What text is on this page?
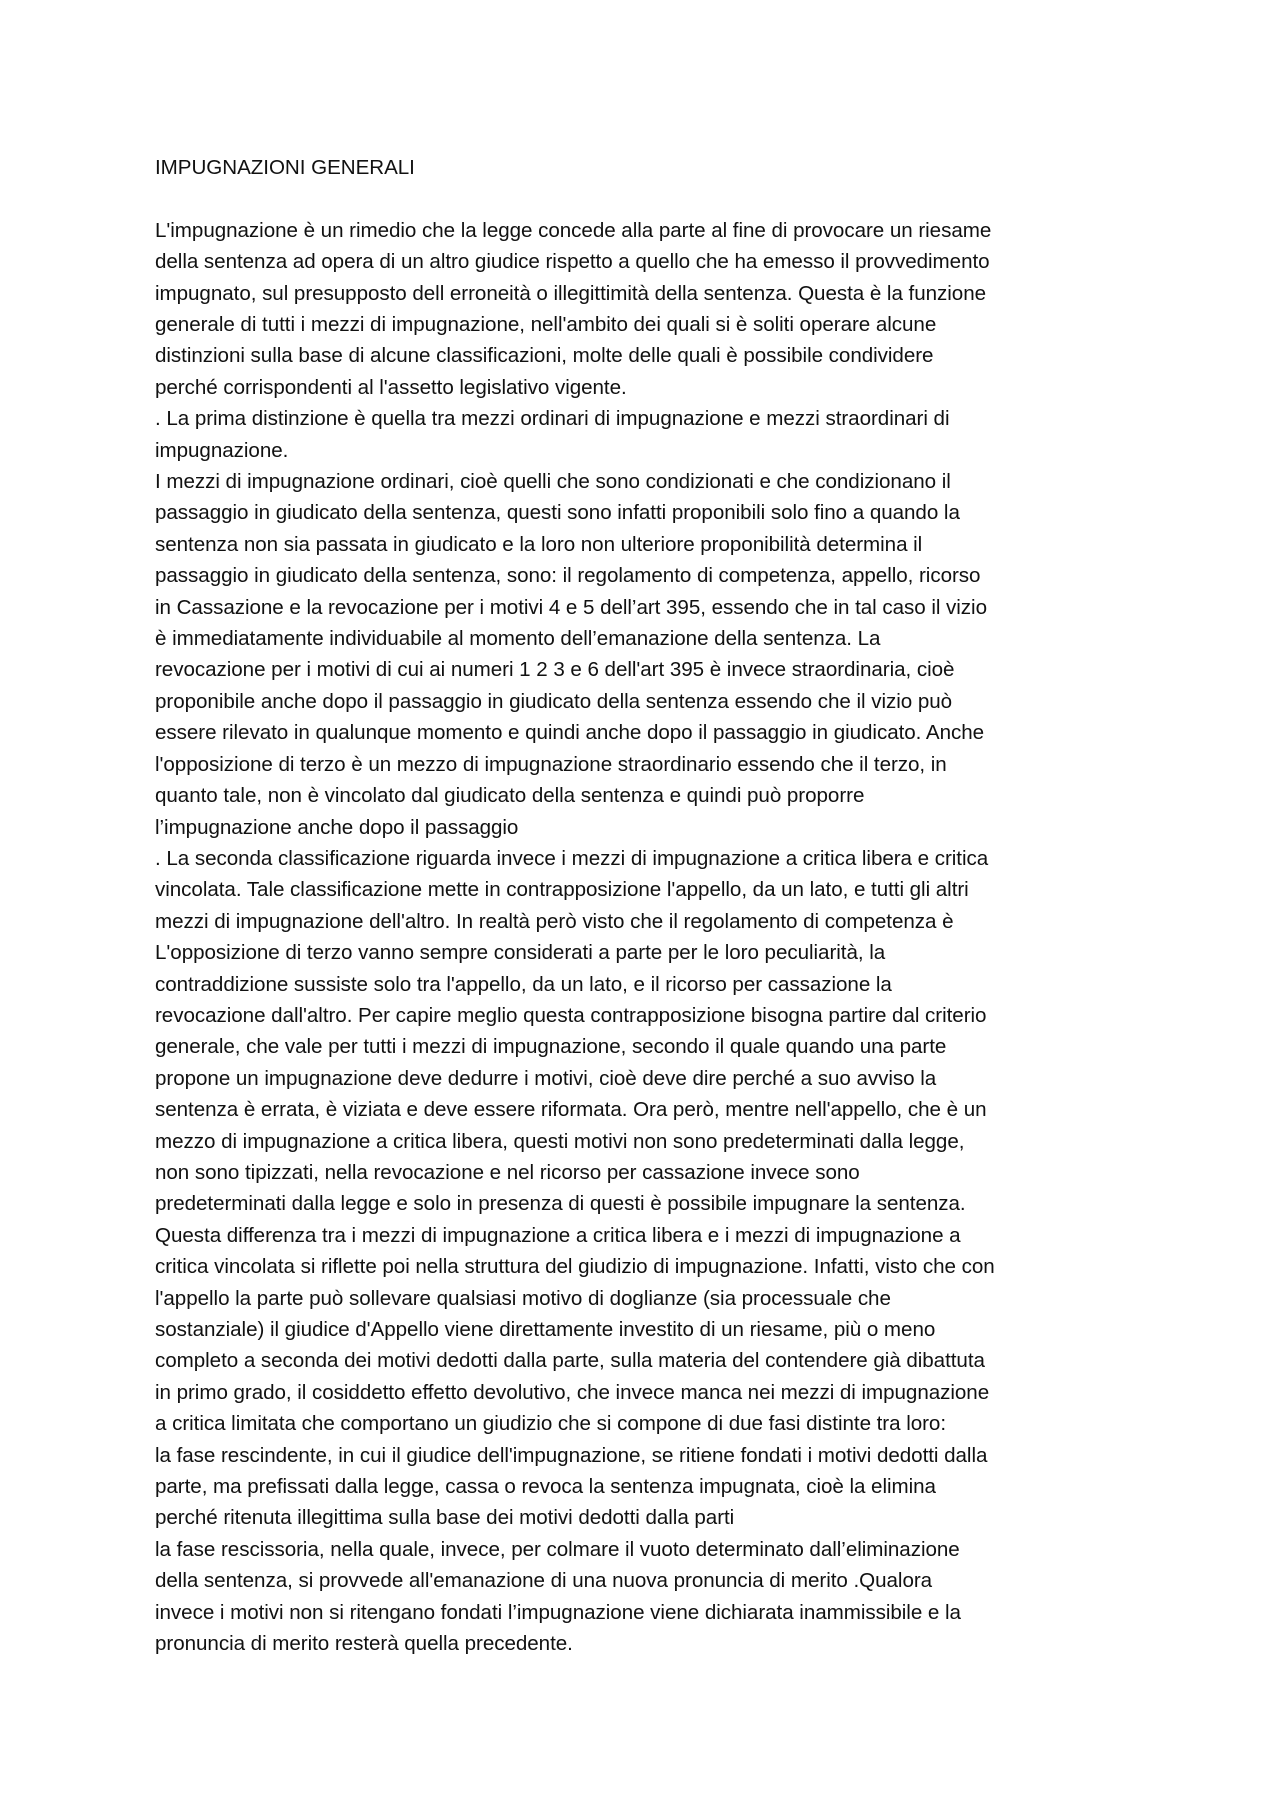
IMPUGNAZIONI GENERALI
L'impugnazione è un rimedio che la legge concede alla parte al fine di provocare un riesame
della sentenza ad opera di un altro giudice rispetto a quello che ha emesso il provvedimento
impugnato, sul presupposto dell erroneità o illegittimità della sentenza. Questa è la funzione
generale di tutti i mezzi di impugnazione, nell'ambito dei quali si è soliti operare alcune
distinzioni sulla base di alcune classificazioni, molte delle quali è possibile condividere
perché corrispondenti al l'assetto legislativo vigente.
. La prima distinzione è quella tra mezzi ordinari di impugnazione e mezzi straordinari di
impugnazione.
I mezzi di impugnazione ordinari, cioè quelli che sono condizionati e che condizionano il
passaggio in giudicato della sentenza, questi sono infatti proponibili solo fino a quando la
sentenza non sia passata in giudicato e la loro non ulteriore proponibilità determina il
passaggio in giudicato della sentenza, sono: il regolamento di competenza, appello, ricorso
in Cassazione e la revocazione per i motivi 4 e 5 dell’art 395, essendo che in tal caso il vizio
è immediatamente individuabile al momento dell’emanazione della sentenza. La
revocazione per i motivi di cui ai numeri 1 2 3 e 6 dell'art 395 è invece straordinaria, cioè
proponibile anche dopo il passaggio in giudicato della sentenza essendo che il vizio può
essere rilevato in qualunque momento e quindi anche dopo il passaggio in giudicato. Anche
l'opposizione di terzo è un mezzo di impugnazione straordinario essendo che il terzo, in
quanto tale, non è vincolato dal giudicato della sentenza e quindi può proporre
l’impugnazione anche dopo il passaggio
. La seconda classificazione riguarda invece i mezzi di impugnazione a critica libera e critica
vincolata. Tale classificazione mette in contrapposizione l'appello, da un lato, e tutti gli altri
mezzi di impugnazione dell'altro. In realtà però visto che il regolamento di competenza è
L'opposizione di terzo vanno sempre considerati a parte per le loro peculiarità, la
contraddizione sussiste solo tra l'appello, da un lato, e il ricorso per cassazione la
revocazione dall'altro. Per capire meglio questa contrapposizione bisogna partire dal criterio
generale, che vale per tutti i mezzi di impugnazione, secondo il quale quando una parte
propone un impugnazione deve dedurre i motivi, cioè deve dire perché a suo avviso la
sentenza è errata, è viziata e deve essere riformata. Ora però, mentre nell'appello, che è un
mezzo di impugnazione a critica libera, questi motivi non sono predeterminati dalla legge,
non sono tipizzati, nella revocazione e nel ricorso per cassazione invece sono
predeterminati dalla legge e solo in presenza di questi è possibile impugnare la sentenza.
Questa differenza tra i mezzi di impugnazione a critica libera e i mezzi di impugnazione a
critica vincolata si riflette poi nella struttura del giudizio di impugnazione. Infatti, visto che con
l'appello la parte può sollevare qualsiasi motivo di doglianze (sia processuale che
sostanziale) il giudice d'Appello viene direttamente investito di un riesame, più o meno
completo a seconda dei motivi dedotti dalla parte, sulla materia del contendere già dibattuta
in primo grado, il cosiddetto effetto devolutivo, che invece manca nei mezzi di impugnazione
a critica limitata che comportano un giudizio che si compone di due fasi distinte tra loro:
la fase rescindente, in cui il giudice dell'impugnazione, se ritiene fondati i motivi dedotti dalla
parte, ma prefissati dalla legge, cassa o revoca la sentenza impugnata, cioè la elimina
perché ritenuta illegittima sulla base dei motivi dedotti dalla parti
la fase rescissoria, nella quale, invece, per colmare il vuoto determinato dall’eliminazione
della sentenza, si provvede all'emanazione di una nuova pronuncia di merito .Qualora
invece i motivi non si ritengano fondati l’impugnazione viene dichiarata inammissibile e la
pronuncia di merito resterà quella precedente.
